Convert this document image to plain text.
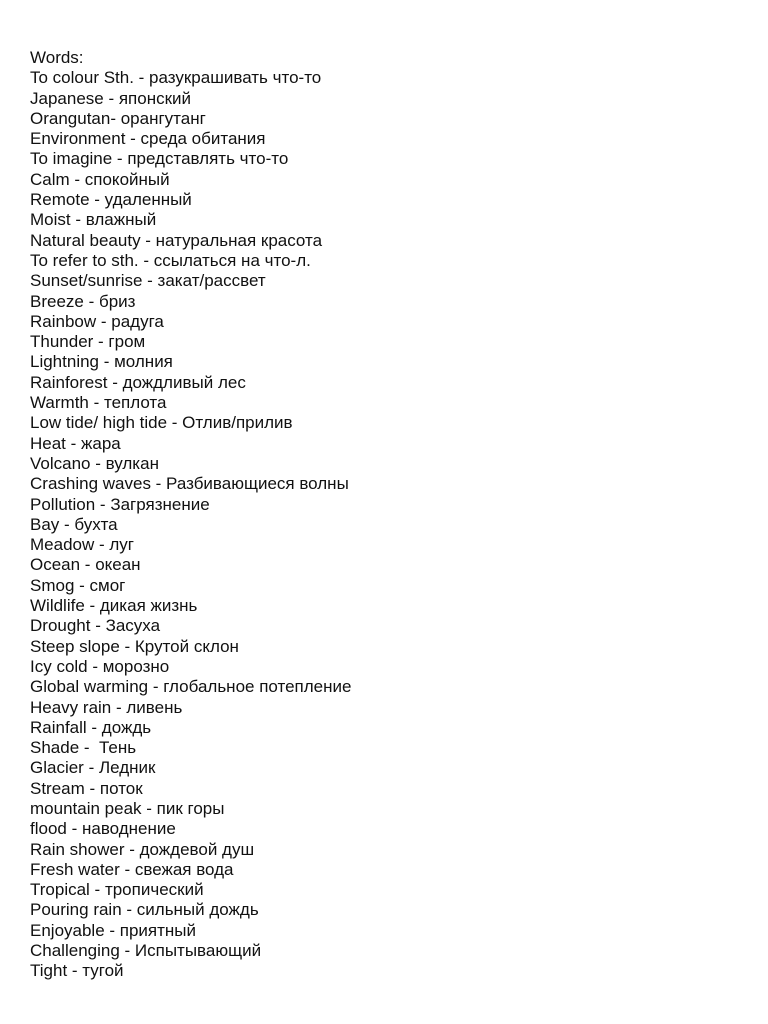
Words:
To colour Sth. - разукрашивать что-то
Japanese - японский
Orangutan- орангутанг
Environment - среда обитания
To imagine - представлять что-то
Calm - спокойный
Remote - удаленный
Moist - влажный
Natural beauty - натуральная красота
To refer to sth. - ссылаться на что-л.
Sunset/sunrise - закат/рассвет
Breeze - бриз
Rainbow - радуга
Thunder - гром
Lightning - молния
Rainforest - дождливый лес
Warmth - теплота
Low tide/ high tide - Отлив/прилив
Heat - жара
Volcano - вулкан
Crashing waves - Разбивающиеся волны
Pollution - Загрязнение
Bay - бухта
Meadow - луг
Ocean - океан
Smog - смог
Wildlife - дикая жизнь
Drought - Засуха
Steep slope - Крутой склон
Icy cold - морозно
Global warming - глобальное потепление
Heavy rain - ливень
Rainfall - дождь
Shade -  Тень
Glacier - Ледник
Stream - поток
mountain peak - пик горы
flood - наводнение
Rain shower - дождевой душ
Fresh water - свежая вода
Tropical - тропический
Pouring rain - сильный дождь
Enjoyable - приятный
Challenging - Испытывающий
Tight - тугой
